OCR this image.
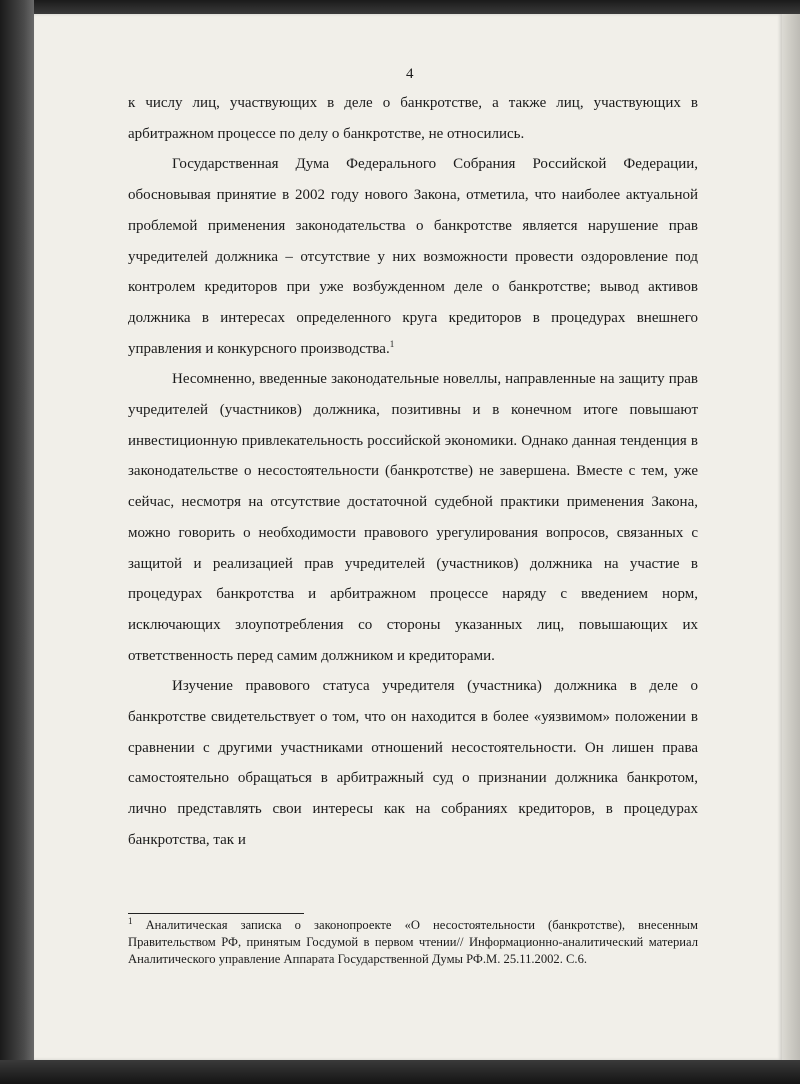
4

к числу лиц, участвующих в деле о банкротстве, а также лиц, участвующих в арбитражном процессе по делу о банкротстве, не относились.

Государственная Дума Федерального Собрания Российской Федерации, обосновывая принятие в 2002 году нового Закона, отметила, что наиболее актуальной проблемой применения законодательства о банкротстве является нарушение прав учредителей должника – отсутствие у них возможности провести оздоровление под контролем кредиторов при уже возбужденном деле о банкротстве; вывод активов должника в интересах определенного круга кредиторов в процедурах внешнего управления и конкурсного производства.$^1$

Несомненно, введенные законодательные новеллы, направленные на защиту прав учредителей (участников) должника, позитивны и в конечном итоге повышают инвестиционную привлекательность российской экономики. Однако данная тенденция в законодательстве о несостоятельности (банкротстве) не завершена. Вместе с тем, уже сейчас, несмотря на отсутствие достаточной судебной практики применения Закона, можно говорить о необходимости правового урегулирования вопросов, связанных с защитой и реализацией прав учредителей (участников) должника на участие в процедурах банкротства и арбитражном процессе наряду с введением норм, исключающих злоупотребления со стороны указанных лиц, повышающих их ответственность перед самим должником и кредиторами.

Изучение правового статуса учредителя (участника) должника в деле о банкротстве свидетельствует о том, что он находится в более «уязвимом» положении в сравнении с другими участниками отношений несостоятельности. Он лишен права самостоятельно обращаться в арбитражный суд о признании должника банкротом, лично представлять свои интересы как на собраниях кредиторов, в процедурах банкротства, так и

$^1$ Аналитическая записка о законопроекте «О несостоятельности (банкротстве), внесенным Правительством РФ, принятым Госдумой в первом чтении// Информационно-аналитический материал Аналитического управление Аппарата Государственной Думы РФ.М. 25.11.2002. С.6.
